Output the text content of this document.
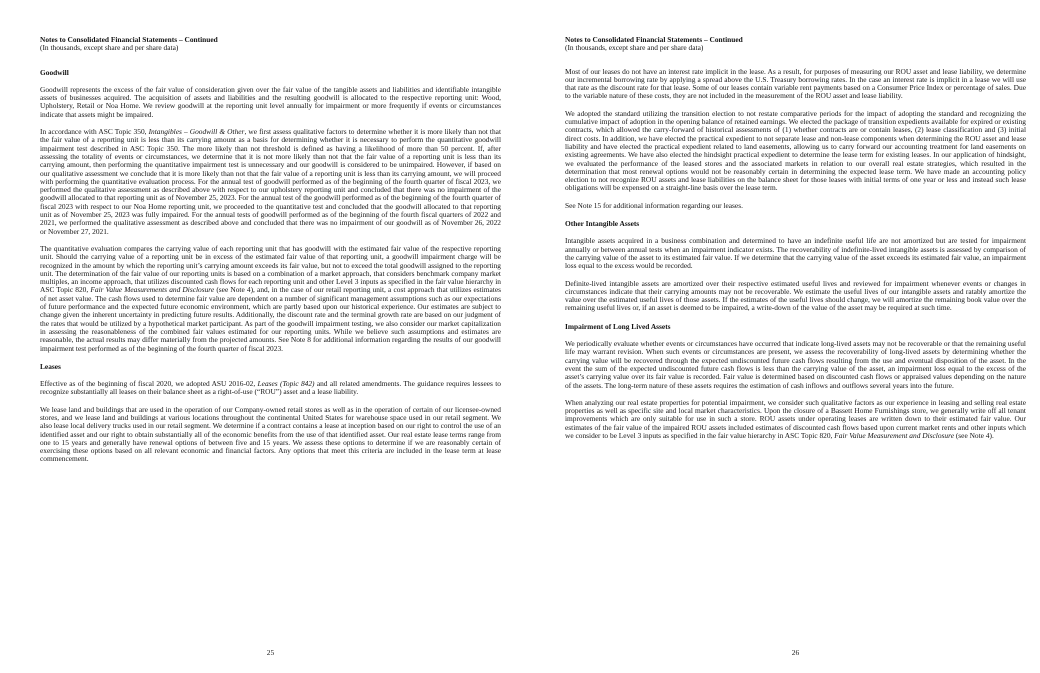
Notes to Consolidated Financial Statements – Continued
(In thousands, except share and per share data)
Goodwill

Goodwill represents the excess of the fair value of consideration given over the fair value of the tangible assets and liabilities and identifiable intangible assets of businesses acquired. The acquisition of assets and liabilities and the resulting goodwill is allocated to the respective reporting unit: Wood, Upholstery, Retail or Noa Home. We review goodwill at the reporting unit level annually for impairment or more frequently if events or circumstances indicate that assets might be impaired.

In accordance with ASC Topic 350, Intangibles – Goodwill & Other, we first assess qualitative factors to determine whether it is more likely than not that the fair value of a reporting unit is less than its carrying amount as a basis for determining whether it is necessary to perform the quantitative goodwill impairment test described in ASC Topic 350. The more likely than not threshold is defined as having a likelihood of more than 50 percent. If, after assessing the totality of events or circumstances, we determine that it is not more likely than not that the fair value of a reporting unit is less than its carrying amount, then performing the quantitative impairment test is unnecessary and our goodwill is considered to be unimpaired. However, if based on our qualitative assessment we conclude that it is more likely than not that the fair value of a reporting unit is less than its carrying amount, we will proceed with performing the quantitative evaluation process. For the annual test of goodwill performed as of the beginning of the fourth quarter of fiscal 2023, we performed the qualitative assessment as described above with respect to our upholstery reporting unit and concluded that there was no impairment of the goodwill allocated to that reporting unit as of November 25, 2023. For the annual test of the goodwill performed as of the beginning of the fourth quarter of fiscal 2023 with respect to our Noa Home reporting unit, we proceeded to the quantitative test and concluded that the goodwill allocated to that reporting unit as of November 25, 2023 was fully impaired. For the annual tests of goodwill performed as of the beginning of the fourth fiscal quarters of 2022 and 2021, we performed the qualitative assessment as described above and concluded that there was no impairment of our goodwill as of November 26, 2022 or November 27, 2021.

The quantitative evaluation compares the carrying value of each reporting unit that has goodwill with the estimated fair value of the respective reporting unit. Should the carrying value of a reporting unit be in excess of the estimated fair value of that reporting unit, a goodwill impairment charge will be recognized in the amount by which the reporting unit’s carrying amount exceeds its fair value, but not to exceed the total goodwill assigned to the reporting unit. The determination of the fair value of our reporting units is based on a combination of a market approach, that considers benchmark company market multiples, an income approach, that utilizes discounted cash flows for each reporting unit and other Level 3 inputs as specified in the fair value hierarchy in ASC Topic 820, Fair Value Measurements and Disclosure (see Note 4), and, in the case of our retail reporting unit, a cost approach that utilizes estimates of net asset value. The cash flows used to determine fair value are dependent on a number of significant management assumptions such as our expectations of future performance and the expected future economic environment, which are partly based upon our historical experience. Our estimates are subject to change given the inherent uncertainty in predicting future results. Additionally, the discount rate and the terminal growth rate are based on our judgment of the rates that would be utilized by a hypothetical market participant. As part of the goodwill impairment testing, we also consider our market capitalization in assessing the reasonableness of the combined fair values estimated for our reporting units. While we believe such assumptions and estimates are reasonable, the actual results may differ materially from the projected amounts. See Note 8 for additional information regarding the results of our goodwill impairment test performed as of the beginning of the fourth quarter of fiscal 2023.

Leases

Effective as of the beginning of fiscal 2020, we adopted ASU 2016-02, Leases (Topic 842) and all related amendments. The guidance requires lessees to recognize substantially all leases on their balance sheet as a right-of-use (“ROU”) asset and a lease liability.

We lease land and buildings that are used in the operation of our Company-owned retail stores as well as in the operation of certain of our licensee-owned stores, and we lease land and buildings at various locations throughout the continental United States for warehouse space used in our retail segment. We also lease local delivery trucks used in our retail segment. We determine if a contract contains a lease at inception based on our right to control the use of an identified asset and our right to obtain substantially all of the economic benefits from the use of that identified asset. Our real estate lease terms range from one to 15 years and generally have renewal options of between five and 15 years. We assess these options to determine if we are reasonably certain of exercising these options based on all relevant economic and financial factors. Any options that meet this criteria are included in the lease term at lease commencement.

25
Notes to Consolidated Financial Statements – Continued
(In thousands, except share and per share data)

Most of our leases do not have an interest rate implicit in the lease. As a result, for purposes of measuring our ROU asset and lease liability, we determine our incremental borrowing rate by applying a spread above the U.S. Treasury borrowing rates. In the case an interest rate is implicit in a lease we will use that rate as the discount rate for that lease. Some of our leases contain variable rent payments based on a Consumer Price Index or percentage of sales. Due to the variable nature of these costs, they are not included in the measurement of the ROU asset and lease liability.

We adopted the standard utilizing the transition election to not restate comparative periods for the impact of adopting the standard and recognizing the cumulative impact of adoption in the opening balance of retained earnings. We elected the package of transition expedients available for expired or existing contracts, which allowed the carry-forward of historical assessments of (1) whether contracts are or contain leases, (2) lease classification and (3) initial direct costs. In addition, we have elected the practical expedient to not separate lease and non-lease components when determining the ROU asset and lease liability and have elected the practical expedient related to land easements, allowing us to carry forward our accounting treatment for land easements on existing agreements. We have also elected the hindsight practical expedient to determine the lease term for existing leases. In our application of hindsight, we evaluated the performance of the leased stores and the associated markets in relation to our overall real estate strategies, which resulted in the determination that most renewal options would not be reasonably certain in determining the expected lease term. We have made an accounting policy election to not recognize ROU assets and lease liabilities on the balance sheet for those leases with initial terms of one year or less and instead such lease obligations will be expensed on a straight-line basis over the lease term.

See Note 15 for additional information regarding our leases.

Other Intangible Assets

Intangible assets acquired in a business combination and determined to have an indefinite useful life are not amortized but are tested for impairment annually or between annual tests when an impairment indicator exists. The recoverability of indefinite-lived intangible assets is assessed by comparison of the carrying value of the asset to its estimated fair value. If we determine that the carrying value of the asset exceeds its estimated fair value, an impairment loss equal to the excess would be recorded.

Definite-lived intangible assets are amortized over their respective estimated useful lives and reviewed for impairment whenever events or changes in circumstances indicate that their carrying amounts may not be recoverable. We estimate the useful lives of our intangible assets and ratably amortize the value over the estimated useful lives of those assets. If the estimates of the useful lives should change, we will amortize the remaining book value over the remaining useful lives or, if an asset is deemed to be impaired, a write-down of the value of the asset may be required at such time.

Impairment of Long Lived Assets

We periodically evaluate whether events or circumstances have occurred that indicate long-lived assets may not be recoverable or that the remaining useful life may warrant revision. When such events or circumstances are present, we assess the recoverability of long-lived assets by determining whether the carrying value will be recovered through the expected undiscounted future cash flows resulting from the use and eventual disposition of the asset. In the event the sum of the expected undiscounted future cash flows is less than the carrying value of the asset, an impairment loss equal to the excess of the asset’s carrying value over its fair value is recorded. Fair value is determined based on discounted cash flows or appraised values depending on the nature of the assets. The long-term nature of these assets requires the estimation of cash inflows and outflows several years into the future.

When analyzing our real estate properties for potential impairment, we consider such qualitative factors as our experience in leasing and selling real estate properties as well as specific site and local market characteristics. Upon the closure of a Bassett Home Furnishings store, we generally write off all tenant improvements which are only suitable for use in such a store. ROU assets under operating leases are written down to their estimated fair value. Our estimates of the fair value of the impaired ROU assets included estimates of discounted cash flows based upon current market rents and other inputs which we consider to be Level 3 inputs as specified in the fair value hierarchy in ASC Topic 820, Fair Value Measurement and Disclosure (see Note 4).

26
